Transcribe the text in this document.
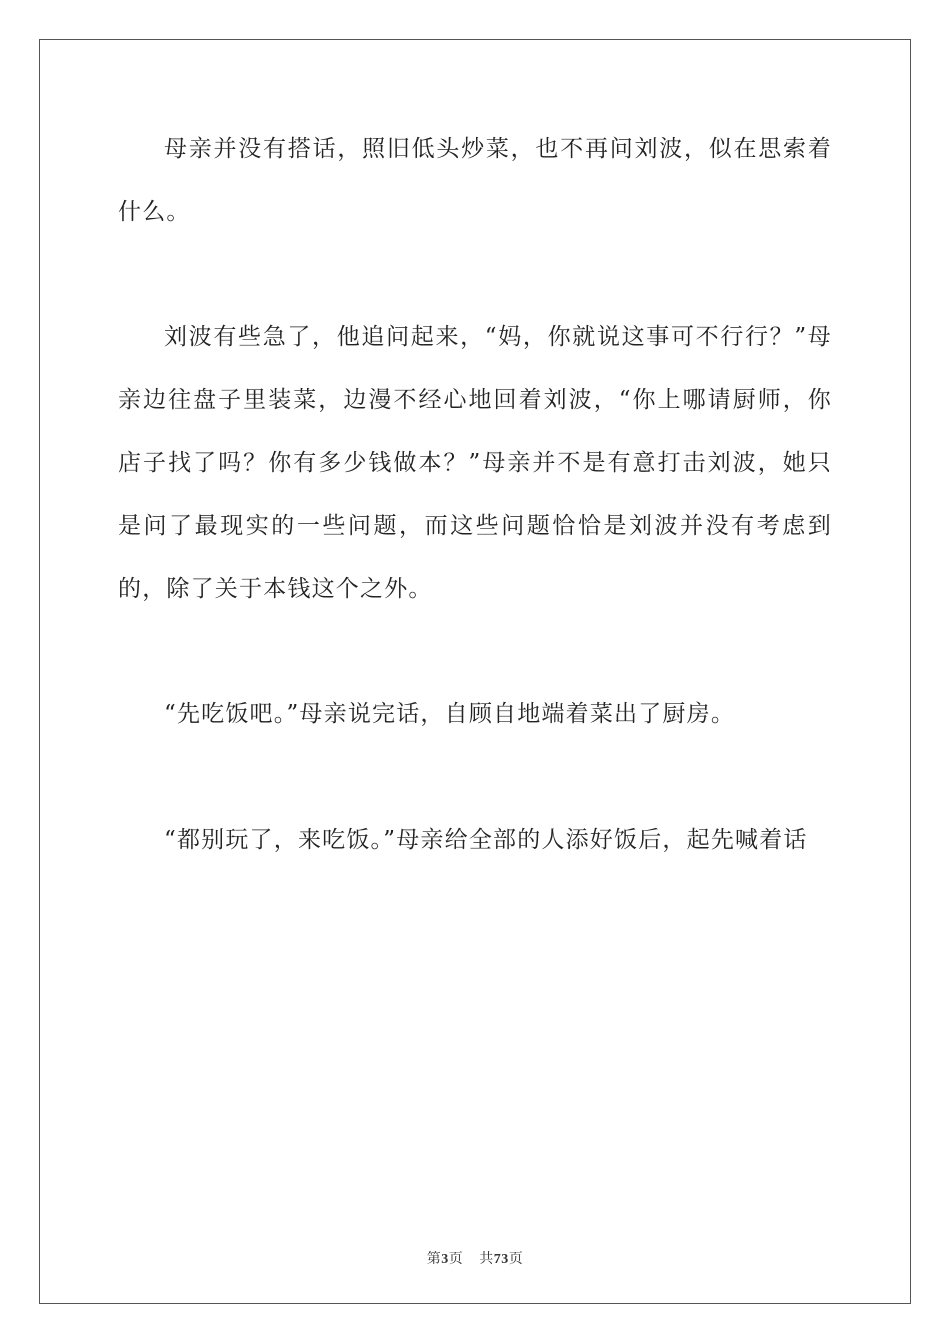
母亲并没有搭话，照旧低头炒菜，也不再问刘波，似在思索着什么。

刘波有些急了，他追问起来，“妈，你就说这事可不行行？”母亲边往盘子里装菜，边漫不经心地回着刘波，“你上哪请厨师，你店子找了吗？你有多少钱做本？”母亲并不是有意打击刘波，她只是问了最现实的一些问题，而这些问题恰恰是刘波并没有考虑到的，除了关于本钱这个之外。

“先吃饭吧。”母亲说完话，自顾自地端着菜出了厨房。

“都别玩了，来吃饭。”母亲给全部的人添好饭后，起先喊着话

第3页 共73页
